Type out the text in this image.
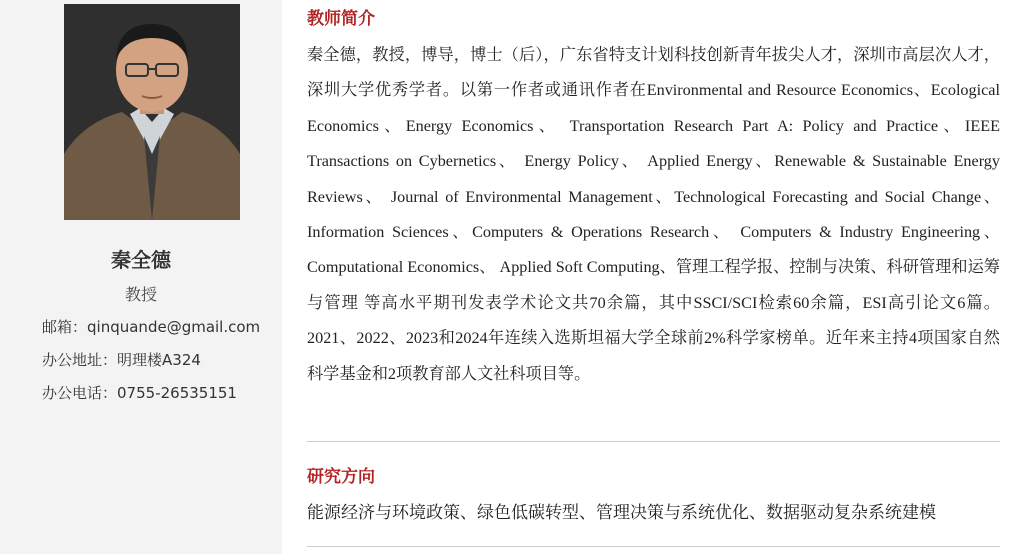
秦全德
教授
邮箱：qinquande@gmail.com
办公地址：明理楼A324
办公电话：0755-26535151
教师简介
秦全德，教授，博导，博士（后），广东省特支计划科技创新青年拔尖人才，深圳市高层次人才，深圳大学优秀学者。以第一作者或通讯作者在Environmental and Resource Economics、Ecological Economics、Energy Economics、 Transportation Research Part A: Policy and Practice、IEEE Transactions on Cybernetics、 Energy Policy、 Applied Energy、Renewable & Sustainable Energy Reviews、 Journal of Environmental Management、Technological Forecasting and Social Change、Information Sciences、Computers & Operations Research、 Computers & Industry Engineering、 Computational Economics、 Applied Soft Computing、管理工程学报、控制与决策、科研管理和运筹与管理 等高水平期刊发表学术论文共70余篇，其中SSCI/SCI检索60余篇，ESI高引论文6篇。2021、2022、2023和2024年连续入选斯坦福大学全球前2%科学家榜单。近年来主持4项国家自然科学基金和2项教育部人文社科项目等。
研究方向
能源经济与环境政策、绿色低碳转型、管理决策与系统优化、数据驱动复杂系统建模
